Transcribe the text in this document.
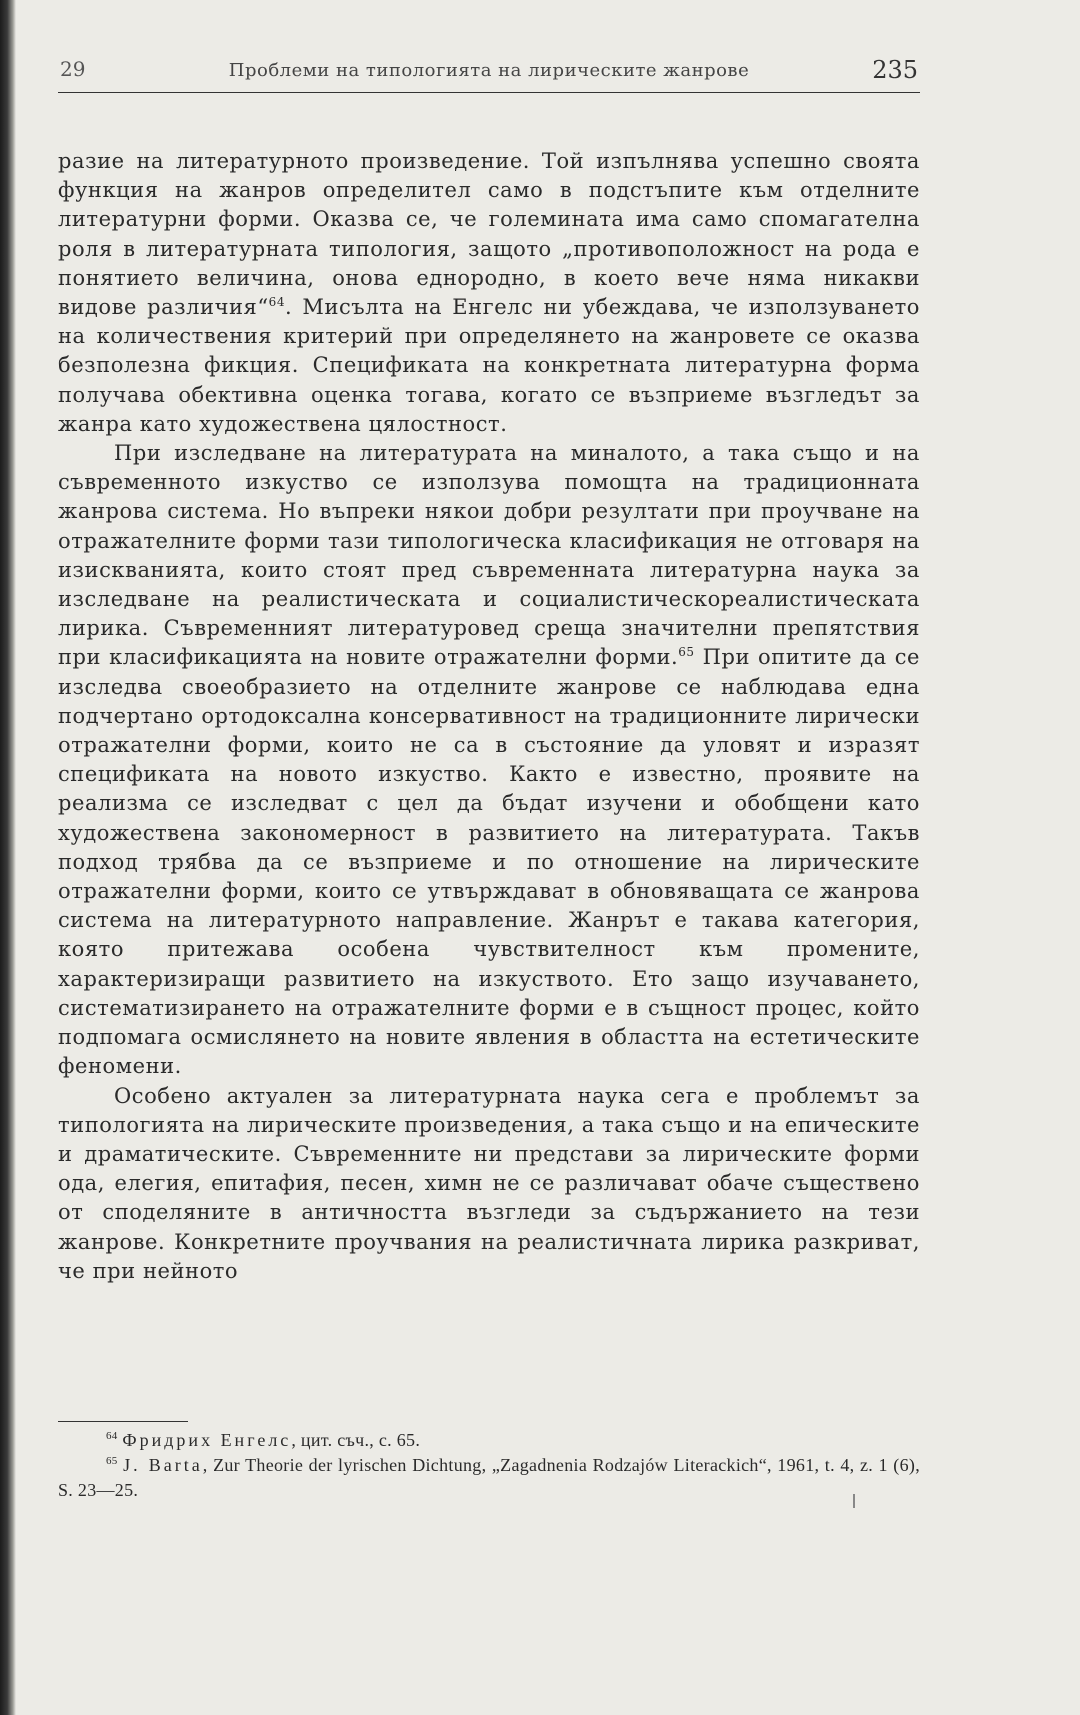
29	Проблеми на типологията на лирическите жанрове	235

разие на литературното произведение. Той изпълнява успешно своята функция на жанров определител само в подстъпите към отделните литературни форми. Оказва се, че големината има само спомагателна роля в литературната типология, защото „противоположност на рода е понятието величина, онова еднородно, в което вече няма никакви видове различия“$^{64}$. Мисълта на Енгелс ни убеждава, че използуването на количествения критерий при определянето на жанровете се оказва безполезна фикция. Спецификата на конкретната литературна форма получава обективна оценка тогава, когато се възприеме възгледът за жанра като художествена цялостност.

При изследване на литературата на миналото, а така също и на съвременното изкуство се използува помощта на традиционната жанрова система. Но въпреки някои добри резултати при проучване на отражателните форми тази типологическа класификация не отговаря на изискванията, които стоят пред съвременната литературна наука за изследване на реалистическата и социалистическореалистическата лирика. Съвременният литературовед среща значителни препятствия при класификацията на новите отражателни форми.$^{65}$ При опитите да се изследва своеобразието на отделните жанрове се наблюдава една подчертано ортодоксална консервативност на традиционните лирически отражателни форми, които не са в състояние да уловят и изразят спецификата на новото изкуство. Както е известно, проявите на реализма се изследват с цел да бъдат изучени и обобщени като художествена закономерност в развитието на литературата. Такъв подход трябва да се възприеме и по отношение на лирическите отражателни форми, които се утвърждават в обновяващата се жанрова система на литературното направление. Жанрът е такава категория, която притежава особена чувствителност към промените, характеризиращи развитието на изкуството. Ето защо изучаването, систематизирането на отражателните форми е в същност процес, който подпомага осмислянето на новите явления в областта на естетическите феномени.

Особено актуален за литературната наука сега е проблемът за типологията на лирическите произведения, а така също и на епическите и драматическите. Съвременните ни представи за лирическите форми ода, елегия, епитафия, песен, химн не се различават обаче съществено от споделяните в античността възгледи за съдържанието на тези жанрове. Конкретните проучвания на реалистичната лирика разкриват, че при нейното

$^{64}$ Фридрих Енгелс, цит. съч., с. 65.

$^{65}$ J. Barta, Zur Theorie der lyrischen Dichtung, „Zagadnenia Rodzajów Literackich“, 1961, t. 4, z. 1 (6), S. 23—25.
